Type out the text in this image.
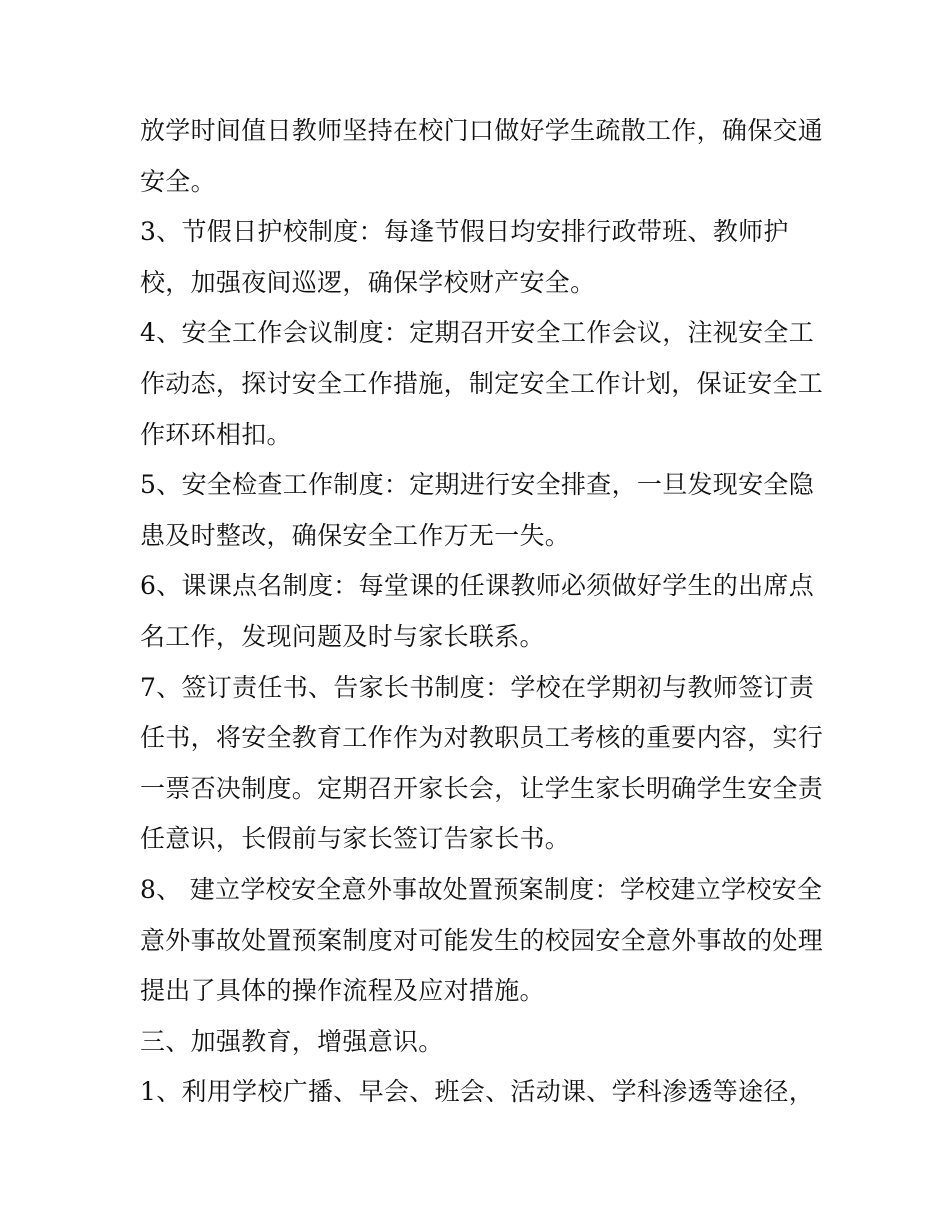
放学时间值日教师坚持在校门口做好学生疏散工作，确保交通
安全。
3、节假日护校制度：每逢节假日均安排行政带班、教师护
校，加强夜间巡逻，确保学校财产安全。
4、安全工作会议制度：定期召开安全工作会议，注视安全工
作动态，探讨安全工作措施，制定安全工作计划，保证安全工
作环环相扣。
5、安全检查工作制度：定期进行安全排查，一旦发现安全隐
患及时整改，确保安全工作万无一失。
6、课课点名制度：每堂课的任课教师必须做好学生的出席点
名工作，发现问题及时与家长联系。
7、签订责任书、告家长书制度：学校在学期初与教师签订责
任书，将安全教育工作作为对教职员工考核的重要内容，实行
一票否决制度。定期召开家长会，让学生家长明确学生安全责
任意识，长假前与家长签订告家长书。
8、 建立学校安全意外事故处置预案制度：学校建立学校安全
意外事故处置预案制度对可能发生的校园安全意外事故的处理
提出了具体的操作流程及应对措施。
三、加强教育，增强意识。
1、利用学校广播、早会、班会、活动课、学科渗透等途径，
